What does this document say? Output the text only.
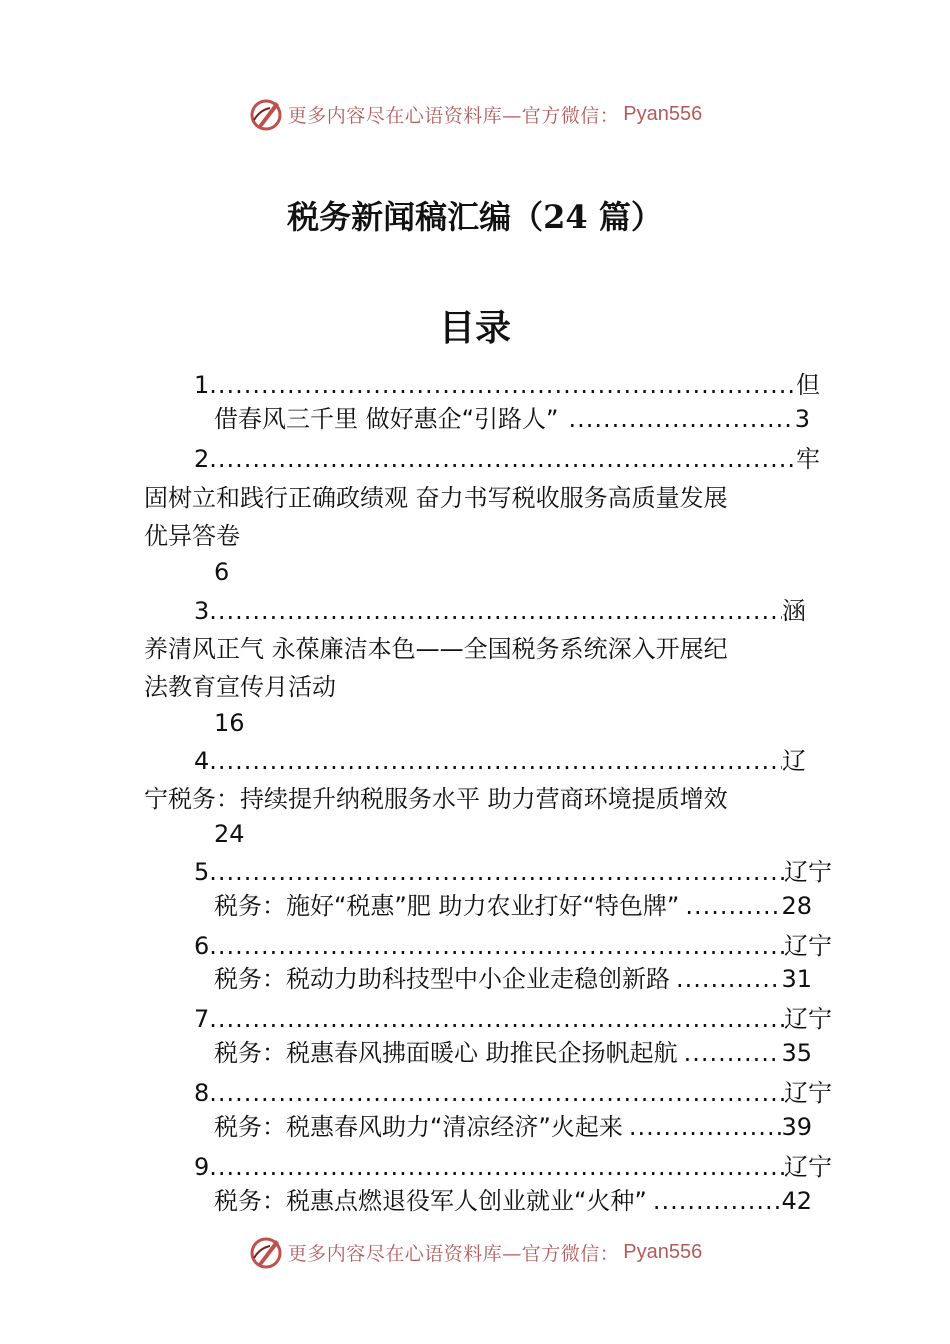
更多内容尽在心语资料库—官方微信： Pyan556
税务新闻稿汇编（24 篇）
目录
1 .....	但
借春风三千里 做好惠企“引路人” .....	3
2 .....	牢
固树立和践行正确政绩观 奋力书写税收服务高质量发展
优异答卷
6
3 .....	涵
养清风正气 永葆廉洁本色——全国税务系统深入开展纪
法教育宣传月活动
16
4 .....	辽
宁税务：持续提升纳税服务水平 助力营商环境提质增效
24
5 .....	辽宁
税务：施好“税惠”肥 助力农业打好“特色牌” .....	28
6 .....	辽宁
税务：税动力助科技型中小企业走稳创新路 .....	31
7 .....	辽宁
税务：税惠春风拂面暖心 助推民企扬帆起航 .....	35
8 .....	辽宁
税务：税惠春风助力“清凉经济”火起来 .....	39
9 .....	辽宁
税务：税惠点燃退役军人创业就业“火种” .....	42
更多内容尽在心语资料库—官方微信： Pyan556
